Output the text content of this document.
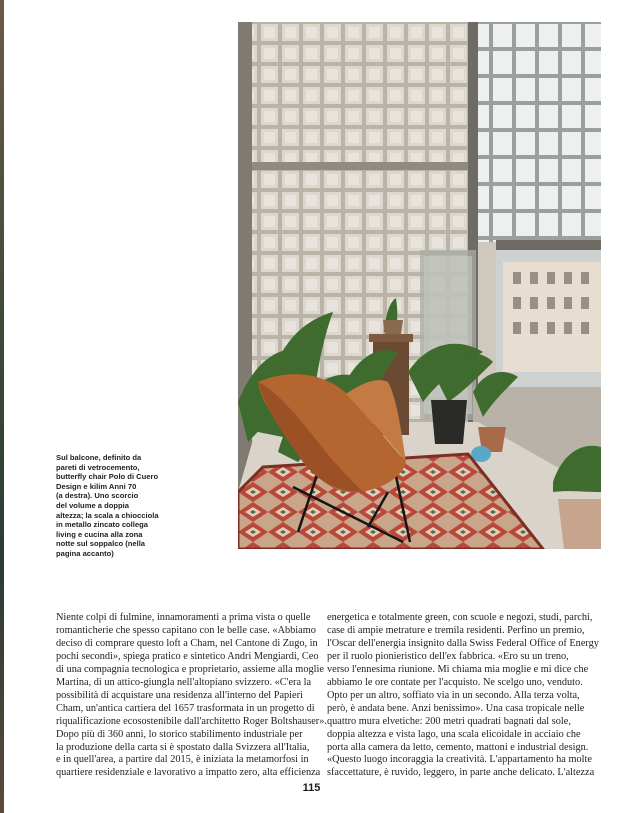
Sul balcone, definito da
pareti di vetrocemento,
butterfly chair Polo di Cuero
Design e kilim Anni 70
(a destra). Uno scorcio
del volume a doppia
altezza; la scala a chiocciola
in metallo zincato collega
living e cucina alla zona
notte sul soppalco (nella
pagina accanto)
Niente colpi di fulmine, innamoramenti a prima vista o quelle
romanticherie che spesso capitano con le belle case. «Abbiamo
deciso di comprare questo loft a Cham, nel Cantone di Zugo, in
pochi secondi», spiega pratico e sintetico Andri Mengiardi, Ceo
di una compagnia tecnologica e proprietario, assieme alla moglie
Martina, di un attico-giungla nell'altopiano svizzero. «C'era la
possibilità di acquistare una residenza all'interno del Papieri
Cham, un'antica cartiera del 1657 trasformata in un progetto di
riqualificazione ecosostenibile dall'architetto Roger Boltshauser».
Dopo più di 360 anni, lo storico stabilimento industriale per
la produzione della carta si è spostato dalla Svizzera all'Italia,
e in quell'area, a partire dal 2015, è iniziata la metamorfosi in
quartiere residenziale e lavorativo a impatto zero, alta efficienza
energetica e totalmente green, con scuole e negozi, studi, parchi,
case di ampie metrature e tremila residenti. Perfino un premio,
l'Oscar dell'energia insignito dalla Swiss Federal Office of Energy
per il ruolo pionieristico dell'ex fabbrica. «Ero su un treno,
verso l'ennesima riunione. Mi chiama mia moglie e mi dice che
abbiamo le ore contate per l'acquisto. Ne scelgo uno, venduto.
Opto per un altro, soffiato via in un secondo. Alla terza volta,
però, è andata bene. Anzi benissimo». Una casa tropicale nelle
quattro mura elvetiche: 200 metri quadrati bagnati dal sole,
doppia altezza e vista lago, una scala elicoidale in acciaio che
porta alla camera da letto, cemento, mattoni e industrial design.
«Questo luogo incoraggia la creatività. L'appartamento ha molte
sfaccettature, è ruvido, leggero, in parte anche delicato. L'altezza
115
